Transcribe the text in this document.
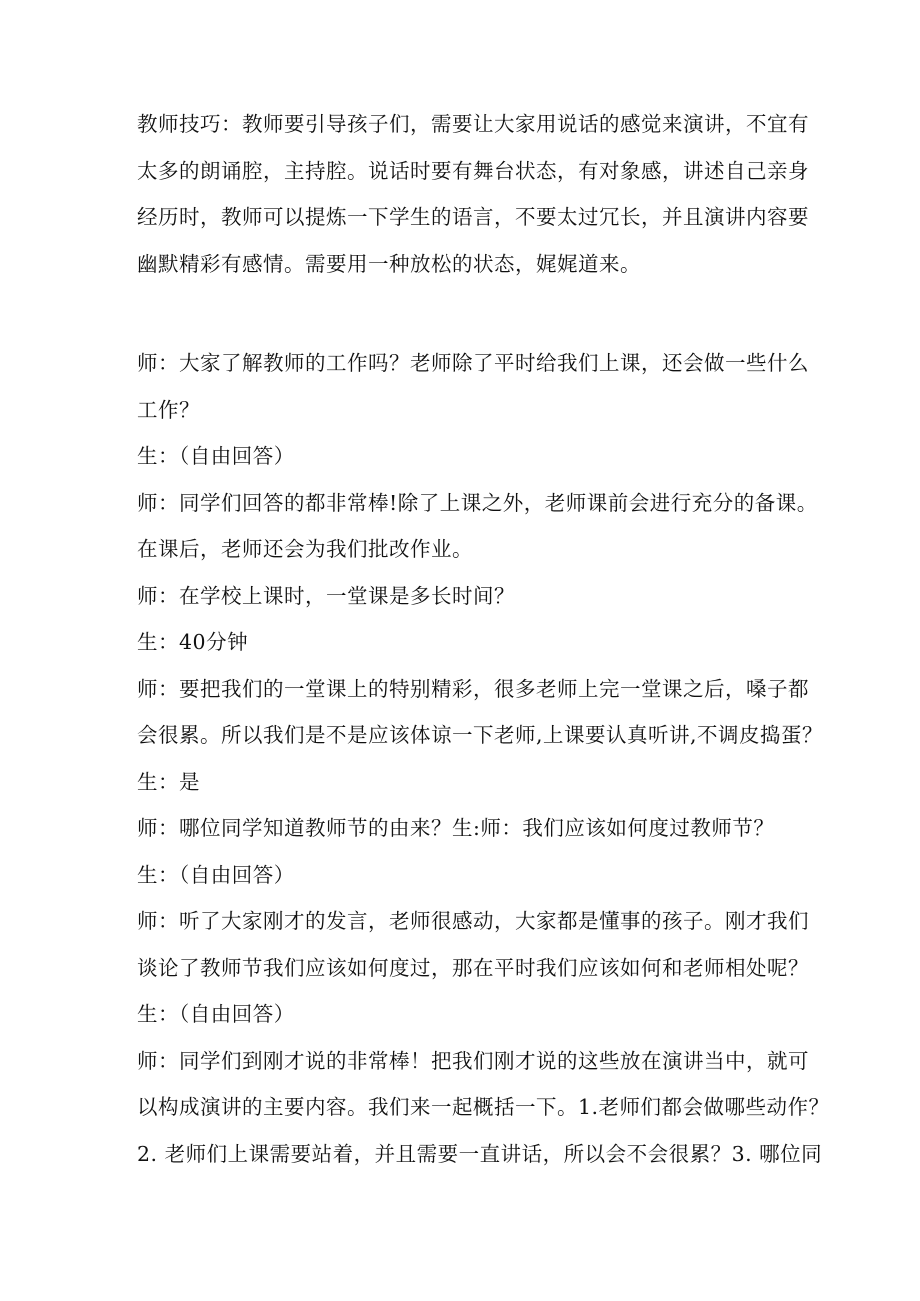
教师技巧：教师要引导孩子们，需要让大家用说话的感觉来演讲，不宜有
太多的朗诵腔，主持腔。说话时要有舞台状态，有对象感，讲述自己亲身
经历时，教师可以提炼一下学生的语言，不要太过冗长，并且演讲内容要
幽默精彩有感情。需要用一种放松的状态，娓娓道来。
师：大家了解教师的工作吗？老师除了平时给我们上课，还会做一些什么
工作？
生：（自由回答）
师：同学们回答的都非常棒!除了上课之外，老师课前会进行充分的备课。
在课后，老师还会为我们批改作业。
师：在学校上课时，一堂课是多长时间？
生：40分钟
师：要把我们的一堂课上的特别精彩，很多老师上完一堂课之后，嗓子都
会很累。所以我们是不是应该体谅一下老师,上课要认真听讲,不调皮捣蛋？
生：是
师：哪位同学知道教师节的由来？生:师：我们应该如何度过教师节？
生：（自由回答）
师：听了大家刚才的发言，老师很感动，大家都是懂事的孩子。刚才我们
谈论了教师节我们应该如何度过，那在平时我们应该如何和老师相处呢？
生：（自由回答）
师：同学们到刚才说的非常棒！把我们刚才说的这些放在演讲当中，就可
以构成演讲的主要内容。我们来一起概括一下。1.老师们都会做哪些动作？
2. 老师们上课需要站着，并且需要一直讲话，所以会不会很累？3. 哪位同
